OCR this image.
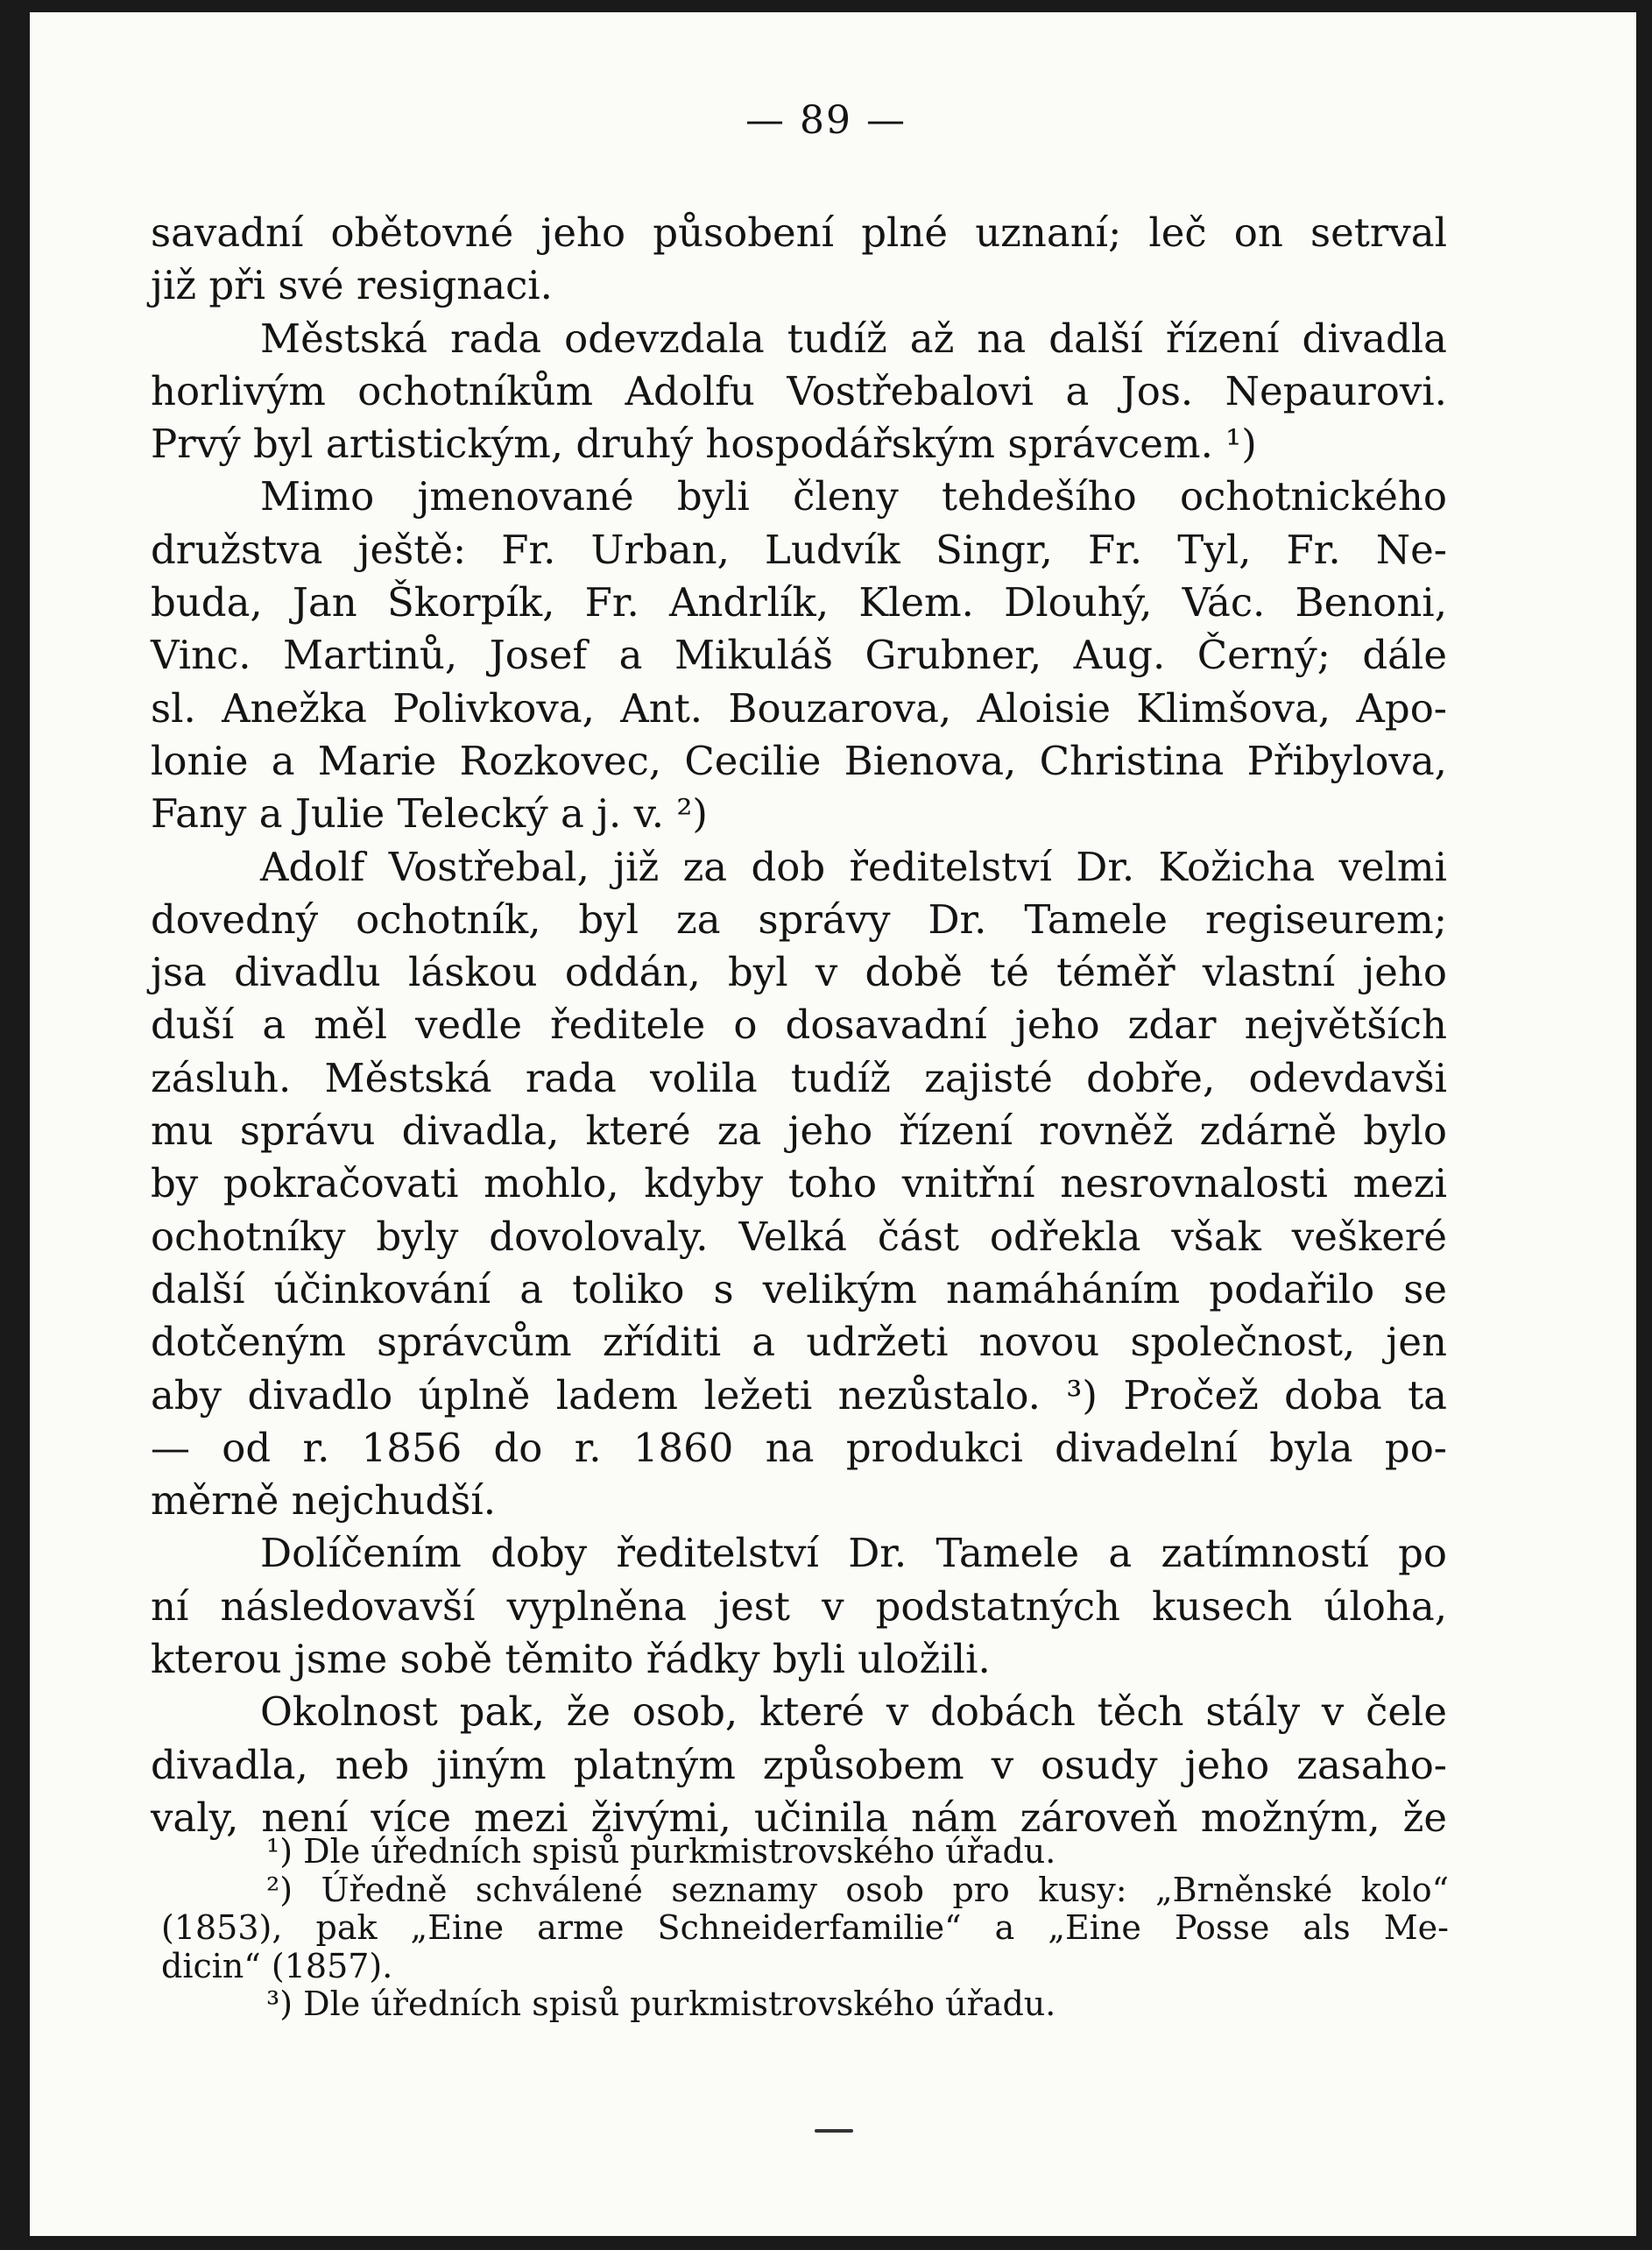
— 89 —
savadní obětovné jeho působení plné uznaní; leč on setrval
již při své resignaci.
Městská rada odevzdala tudíž až na další řízení divadla
horlivým ochotníkům Adolfu Vostřebalovi a Jos. Nepaurovi.
Prvý byl artistickým, druhý hospodářským správcem. ¹)
Mimo jmenované byli členy tehdešího ochotnického
družstva ještě: Fr. Urban, Ludvík Singr, Fr. Tyl, Fr. Ne-
buda, Jan Škorpík, Fr. Andrlík, Klem. Dlouhý, Vác. Benoni,
Vinc. Martinů, Josef a Mikuláš Grubner, Aug. Černý; dále
sl. Anežka Polivkova, Ant. Bouzarova, Aloisie Klimšova, Apo-
lonie a Marie Rozkovec, Cecilie Bienova, Christina Přibylova,
Fany a Julie Telecký a j. v. ²)
Adolf Vostřebal, již za dob ředitelství Dr. Kožicha velmi
dovedný ochotník, byl za správy Dr. Tamele regiseurem;
jsa divadlu láskou oddán, byl v době té téměř vlastní jeho
duší a měl vedle ředitele o dosavadní jeho zdar největších
zásluh. Městská rada volila tudíž zajisté dobře, odevdavši
mu správu divadla, které za jeho řízení rovněž zdárně bylo
by pokračovati mohlo, kdyby toho vnitřní nesrovnalosti mezi
ochotníky byly dovolovaly. Velká část odřekla však veškeré
další účinkování a toliko s velikým namáháním podařilo se
dotčeným správcům zříditi a udržeti novou společnost, jen
aby divadlo úplně ladem ležeti nezůstalo. ³) Pročež doba ta
— od r. 1856 do r. 1860 na produkci divadelní byla po-
měrně nejchudší.
Dolíčením doby ředitelství Dr. Tamele a zatímností po
ní následovavší vyplněna jest v podstatných kusech úloha,
kterou jsme sobě těmito řádky byli uložili.
Okolnost pak, že osob, které v dobách těch stály v čele
divadla, neb jiným platným způsobem v osudy jeho zasaho-
valy, není více mezi živými, učinila nám zároveň možným, že
¹) Dle úředních spisů purkmistrovského úřadu.
²) Úředně schválené seznamy osob pro kusy: „Brněnské kolo“
(1853), pak „Eine arme Schneiderfamilie“ a „Eine Posse als Me-
dicin“ (1857).
³) Dle úředních spisů purkmistrovského úřadu.
